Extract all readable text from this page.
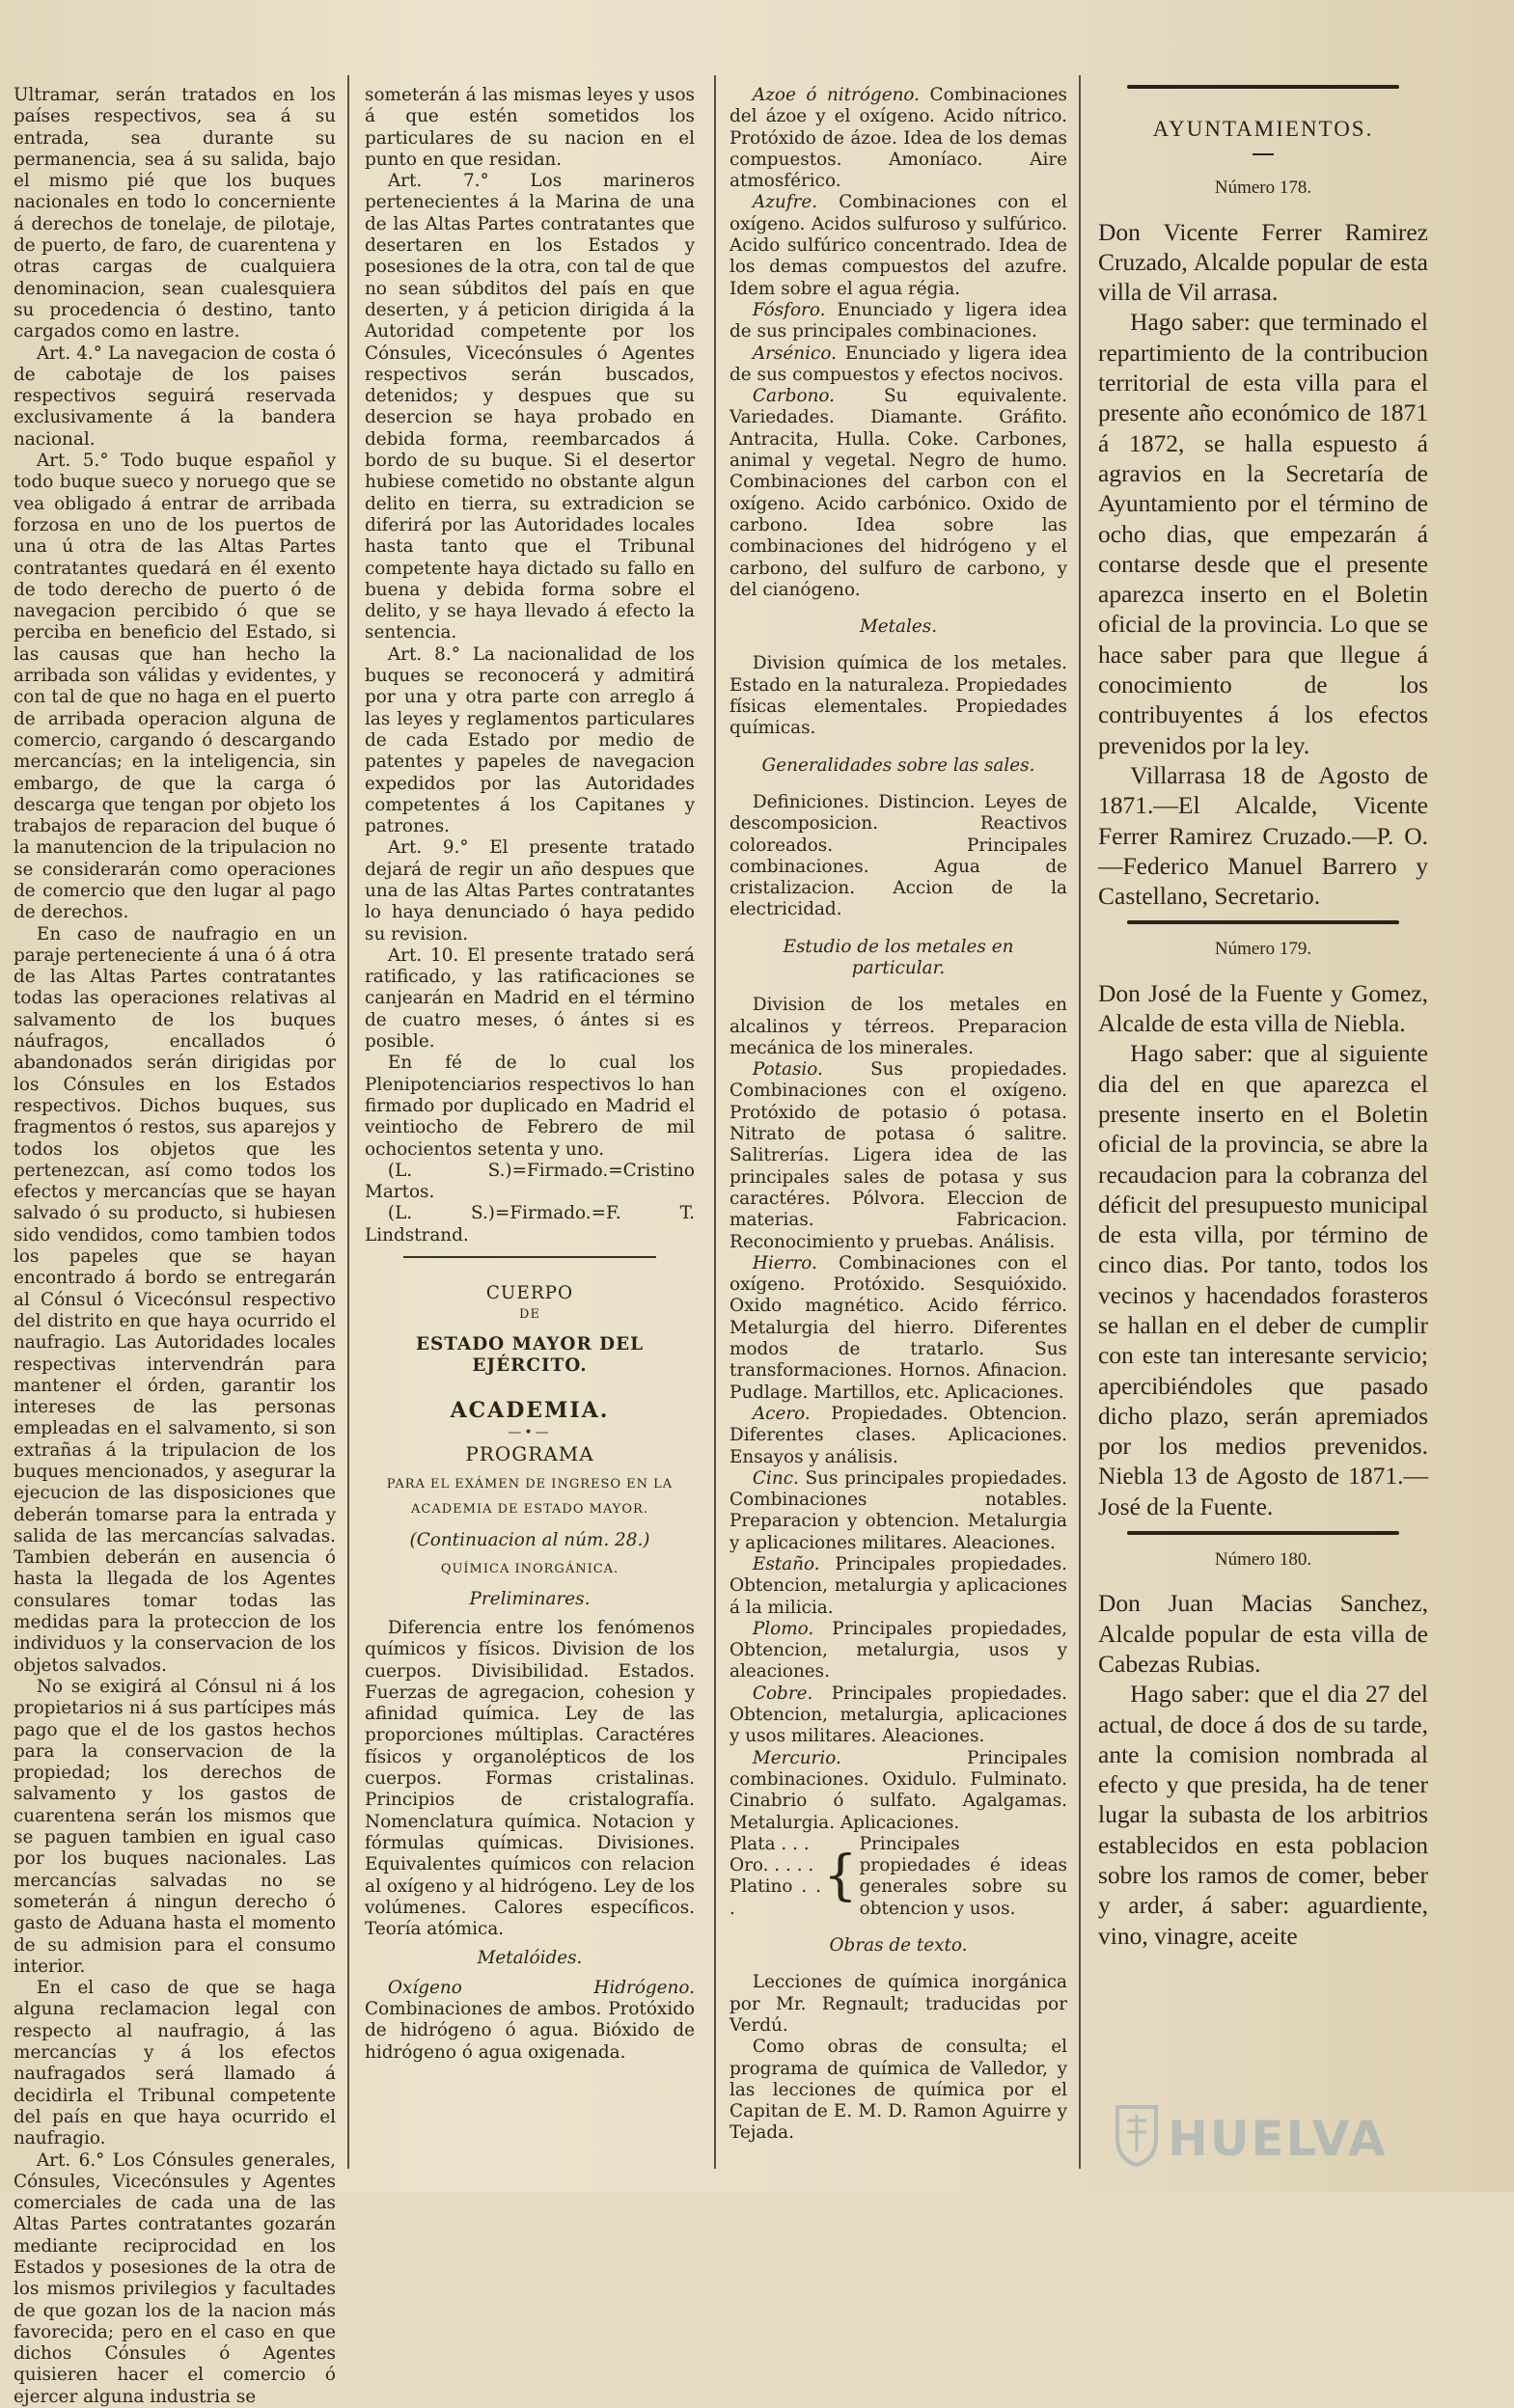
Ultramar, serán tratados en los países respectivos, sea á su entrada, sea durante su permanencia, sea á su salida, bajo el mismo pié que los buques nacionales en todo lo concerniente á derechos de tonelaje, de pilotaje, de puerto, de faro, de cuarentena y otras cargas de cualquiera denominacion, sean cualesquiera su procedencia ó destino, tanto cargados como en lastre.

Art. 4.° La navegacion de costa ó de cabotaje de los paises respectivos seguirá reservada exclusivamente á la bandera nacional.

Art. 5.° Todo buque español y todo buque sueco y noruego que se vea obligado á entrar de arribada forzosa en uno de los puertos de una ú otra de las Altas Partes contratantes quedará en él exento de todo derecho de puerto ó de navegacion percibido ó que se perciba en beneficio del Estado, si las causas que han hecho la arribada son válidas y evidentes, y con tal de que no haga en el puerto de arribada operacion alguna de comercio, cargando ó descargando mercancías; en la inteligencia, sin embargo, de que la carga ó descarga que tengan por objeto los trabajos de reparacion del buque ó la manutencion de la tripulacion no se considerarán como operaciones de comercio que den lugar al pago de derechos.

En caso de naufragio en un paraje perteneciente á una ó á otra de las Altas Partes contratantes todas las operaciones relativas al salvamento de los buques náufragos, encallados ó abandonados serán dirigidas por los Cónsules en los Estados respectivos. Dichos buques, sus fragmentos ó restos, sus aparejos y todos los objetos que les pertenezcan, así como todos los efectos y mercancías que se hayan salvado ó su producto, si hubiesen sido vendidos, como tambien todos los papeles que se hayan encontrado á bordo se entregarán al Cónsul ó Vicecónsul respectivo del distrito en que haya ocurrido el naufragio. Las Autoridades locales respectivas intervendrán para mantener el órden, garantir los intereses de las personas empleadas en el salvamento, si son extrañas á la tripulacion de los buques mencionados, y asegurar la ejecucion de las disposiciones que deberán tomarse para la entrada y salida de las mercancías salvadas. Tambien deberán en ausencia ó hasta la llegada de los Agentes consulares tomar todas las medidas para la proteccion de los individuos y la conservacion de los objetos salvados.

No se exigirá al Cónsul ni á los propietarios ni á sus partícipes más pago que el de los gastos hechos para la conservacion de la propiedad; los derechos de salvamento y los gastos de cuarentena serán los mismos que se paguen tambien en igual caso por los buques nacionales. Las mercancías salvadas no se someterán á ningun derecho ó gasto de Aduana hasta el momento de su admision para el consumo interior.

En el caso de que se haga alguna reclamacion legal con respecto al naufragio, á las mercancías y á los efectos naufragados será llamado á decidirla el Tribunal competente del país en que haya ocurrido el naufragio.

Art. 6.° Los Cónsules generales, Cónsules, Vicecónsules y Agentes comerciales de cada una de las Altas Partes contratantes gozarán mediante reciprocidad en los Estados y posesiones de la otra de los mismos privilegios y facultades de que gozan los de la nacion más favorecida; pero en el caso en que dichos Cónsules ó Agentes quisieren hacer el comercio ó ejercer alguna industria se

someterán á las mismas leyes y usos á que estén sometidos los particulares de su nacion en el punto en que residan.

Art. 7.° Los marineros pertenecientes á la Marina de una de las Altas Partes contratantes que desertaren en los Estados y posesiones de la otra, con tal de que no sean súbditos del país en que deserten, y á peticion dirigida á la Autoridad competente por los Cónsules, Vicecónsules ó Agentes respectivos serán buscados, detenidos; y despues que su desercion se haya probado en debida forma, reembarcados á bordo de su buque. Si el desertor hubiese cometido no obstante algun delito en tierra, su extradicion se diferirá por las Autoridades locales hasta tanto que el Tribunal competente haya dictado su fallo en buena y debida forma sobre el delito, y se haya llevado á efecto la sentencia.

Art. 8.° La nacionalidad de los buques se reconocerá y admitirá por una y otra parte con arreglo á las leyes y reglamentos particulares de cada Estado por medio de patentes y papeles de navegacion expedidos por las Autoridades competentes á los Capitanes y patrones.

Art. 9.° El presente tratado dejará de regir un año despues que una de las Altas Partes contratantes lo haya denunciado ó haya pedido su revision.

Art. 10. El presente tratado será ratificado, y las ratificaciones se canjearán en Madrid en el término de cuatro meses, ó ántes si es posible.

En fé de lo cual los Plenipotenciarios respectivos lo han firmado por duplicado en Madrid el veintiocho de Febrero de mil ochocientos setenta y uno.

(L. S.)=Firmado.=Cristino Martos.

(L. S.)=Firmado.=F. T. Lindstrand.

CUERPO

DE

ESTADO MAYOR DEL EJÉRCITO.

ACADEMIA.

—•—

PROGRAMA

PARA EL EXÁMEN DE INGRESO EN LA ACADEMIA DE ESTADO MAYOR.

(Continuacion al núm. 28.)

QUÍMICA INORGÁNICA.

Preliminares.

Diferencia entre los fenómenos químicos y físicos. Division de los cuerpos. Divisibilidad. Estados. Fuerzas de agregacion, cohesion y afinidad química. Ley de las proporciones múltiplas. Caractéres físicos y organolépticos de los cuerpos. Formas cristalinas. Principios de cristalografía. Nomenclatura química. Notacion y fórmulas químicas. Divisiones. Equivalentes químicos con relacion al oxígeno y al hidrógeno. Ley de los volúmenes. Calores específicos. Teoría atómica.

Metalóides.

Oxígeno Hidrógeno. Combinaciones de ambos. Protóxido de hidrógeno ó agua. Bióxido de hidrógeno ó agua oxigenada.

Azoe ó nitrógeno. Combinaciones del ázoe y el oxígeno. Acido nítrico. Protóxido de ázoe. Idea de los demas compuestos. Amoníaco. Aire atmosférico.

Azufre. Combinaciones con el oxígeno. Acidos sulfuroso y sulfúrico. Acido sulfúrico concentrado. Idea de los demas compuestos del azufre. Idem sobre el agua régia.

Fósforo. Enunciado y ligera idea de sus principales combinaciones.

Arsénico. Enunciado y ligera idea de sus compuestos y efectos nocivos.

Carbono. Su equivalente. Variedades. Diamante. Gráfito. Antracita, Hulla. Coke. Carbones, animal y vegetal. Negro de humo. Combinaciones del carbon con el oxígeno. Acido carbónico. Oxido de carbono. Idea sobre las combinaciones del hidrógeno y el carbono, del sulfuro de carbono, y del cianógeno.

Metales.

Division química de los metales. Estado en la naturaleza. Propiedades físicas elementales. Propiedades químicas.

Generalidades sobre las sales.

Definiciones. Distincion. Leyes de descomposicion. Reactivos coloreados. Principales combinaciones. Agua de cristalizacion. Accion de la electricidad.

Estudio de los metales en particular.

Division de los metales en alcalinos y térreos. Preparacion mecánica de los minerales.

Potasio. Sus propiedades. Combinaciones con el oxígeno. Protóxido de potasio ó potasa. Nitrato de potasa ó salitre. Salitrerías. Ligera idea de las principales sales de potasa y sus caractéres. Pólvora. Eleccion de materias. Fabricacion. Reconocimiento y pruebas. Análisis.

Hierro. Combinaciones con el oxígeno. Protóxido. Sesquióxido. Oxido magnético. Acido férrico. Metalurgia del hierro. Diferentes modos de tratarlo. Sus transformaciones. Hornos. Afinacion. Pudlage. Martillos, etc. Aplicaciones.

Acero. Propiedades. Obtencion. Diferentes clases. Aplicaciones. Ensayos y análisis.

Cinc. Sus principales propiedades. Combinaciones notables. Preparacion y obtencion. Metalurgia y aplicaciones militares. Aleaciones.

Estaño. Principales propiedades. Obtencion, metalurgia y aplicaciones á la milicia.

Plomo. Principales propiedades, Obtencion, metalurgia, usos y aleaciones.

Cobre. Principales propiedades. Obtencion, metalurgia, aplicaciones y usos militares. Aleaciones.

Mercurio. Principales combinaciones. Oxidulo. Fulminato. Cinabrio ó sulfato. Agalgamas. Metalurgia. Aplicaciones.

Plata . . .
Oro. . . . .
Platino . . .
{
Principales propiedades é ideas generales sobre su obtencion y usos.

Obras de texto.

Lecciones de química inorgánica por Mr. Regnault; traducidas por Verdú.

Como obras de consulta; el programa de química de Valledor, y las lecciones de química por el Capitan de E. M. D. Ramon Aguirre y Tejada.

AYUNTAMIENTOS.
Número 178.

Don Vicente Ferrer Ramirez Cruzado, Alcalde popular de esta villa de Vil arrasa.

Hago saber: que terminado el repartimiento de la contribucion territorial de esta villa para el presente año económico de 1871 á 1872, se halla espuesto á agravios en la Secretaría de Ayuntamiento por el término de ocho dias, que empezarán á contarse desde que el presente aparezca inserto en el Boletin oficial de la provincia. Lo que se hace saber para que llegue á conocimiento de los contribuyentes á los efectos prevenidos por la ley.

Villarrasa 18 de Agosto de 1871.—El Alcalde, Vicente Ferrer Ramirez Cruzado.—P. O.—Federico Manuel Barrero y Castellano, Secretario.

Número 179.

Don José de la Fuente y Gomez, Alcalde de esta villa de Niebla.

Hago saber: que al siguiente dia del en que aparezca el presente inserto en el Boletin oficial de la provincia, se abre la recaudacion para la cobranza del déficit del presupuesto municipal de esta villa, por término de cinco dias. Por tanto, todos los vecinos y hacendados forasteros se hallan en el deber de cumplir con este tan interesante servicio; apercibiéndoles que pasado dicho plazo, serán apremiados por los medios prevenidos. Niebla 13 de Agosto de 1871.—José de la Fuente.

Número 180.

Don Juan Macias Sanchez, Alcalde popular de esta villa de Cabezas Rubias.

Hago saber: que el dia 27 del actual, de doce á dos de su tarde, ante la comision nombrada al efecto y que presida, ha de tener lugar la subasta de los arbitrios establecidos en esta poblacion sobre los ramos de comer, beber y arder, á saber: aguardiente, vino, vinagre, aceite

HUELVA
